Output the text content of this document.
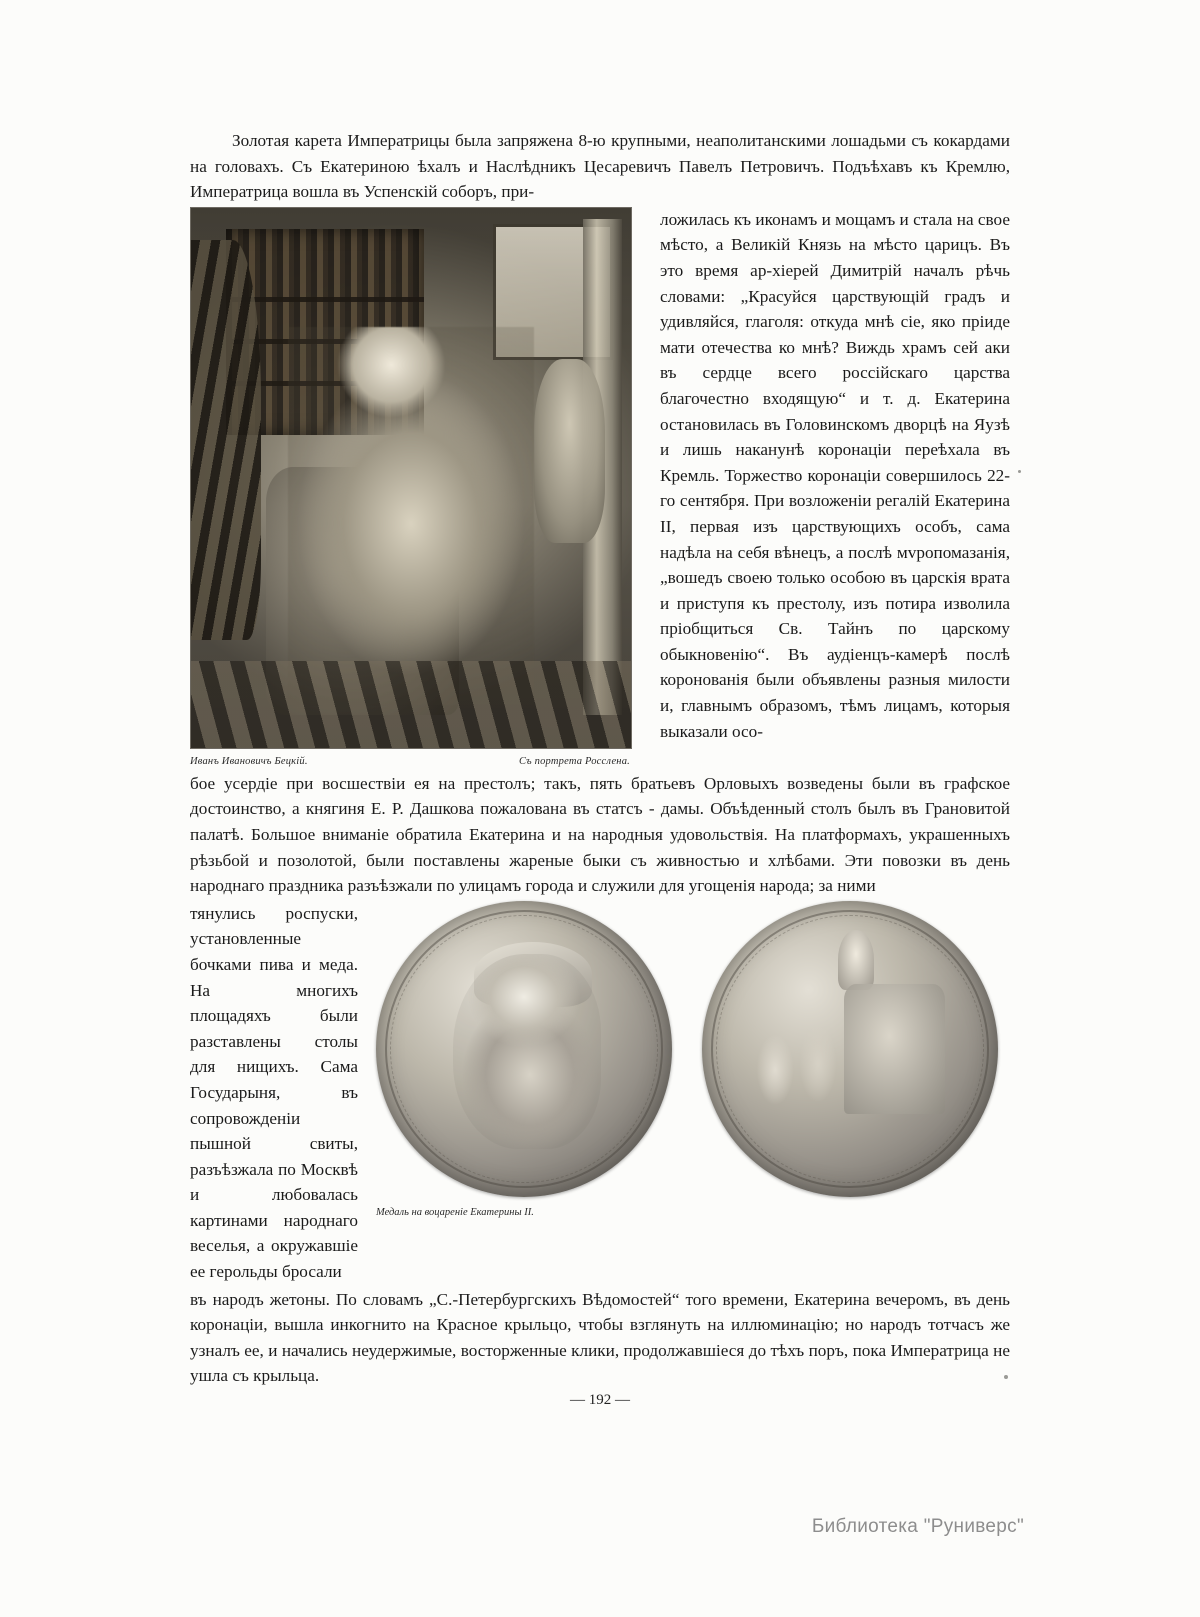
Золотая карета Императрицы была запряжена 8-ю крупными, неаполитанскими лошадьми съ кокардами на головахъ. Съ Екатериною ѣхалъ и Наслѣдникъ Цесаревичъ Павелъ Петровичъ. Подъѣхавъ къ Кремлю, Императрица вошла въ Успенскій соборъ, при-

Иванъ Ивановичъ Бецкій.	Съ портрета Росслена.

ложилась къ иконамъ и мощамъ и стала на свое мѣсто, а Великій Князь на мѣсто царицъ. Въ это время ар-хіерей Димитрій началъ рѣчь словами: „Красуйся царствующій градъ и удивляйся, глаголя: откуда мнѣ сіе, яко пріиде мати отечества ко мнѣ? Виждь храмъ сей аки въ сердце всего россійскаго царства благочестно входящую“ и т. д. Екатерина остановилась въ Головинскомъ дворцѣ на Яузѣ и лишь наканунѣ коронаціи переѣхала въ Кремль. Торжество коронаціи совершилось 22-го сентября. При возложеніи регалій Екатерина II, первая изъ царствующихъ особъ, сама надѣла на себя вѣнецъ, а послѣ мvропомазанія, „вошедъ своею только особою въ царскія врата и приступя къ престолу, изъ потира изволила пріобщиться Св. Тайнъ по царскому обыкновенію“. Въ аудіенцъ-камерѣ послѣ коронованія были объявлены разныя милости и, главнымъ образомъ, тѣмъ лицамъ, которыя выказали осо-

бое усердіе при восшествіи ея на престолъ; такъ, пять братьевъ Орловыхъ возведены были въ графское достоинство, а княгиня Е. Р. Дашкова пожалована въ статсъ - дамы. Объѣденный столъ былъ въ Грановитой палатѣ. Большое вниманіе обратила Екатерина и на народныя удовольствія. На платформахъ, украшенныхъ рѣзьбой и позолотой, были поставлены жареные быки съ живностью и хлѣбами. Эти повозки въ день народнаго праздника разъѣзжали по улицамъ города и служили для угощенія народа; за ними

тянулись роспуски, установленные бочками пива и меда. На многихъ площадяхъ были разставлены столы для нищихъ. Сама Государыня, въ сопровожденіи пышной свиты, разъѣзжала по Москвѣ и любовалась картинами народнаго веселья, а окружавшіе ее герольды бросали

Медаль на воцареніе Екатерины II.

въ народъ жетоны. По словамъ „С.-Петербургскихъ Вѣдомостей“ того времени, Екатерина вечеромъ, въ день коронаціи, вышла инкогнито на Красное крыльцо, чтобы взглянуть на иллюминацію; но народъ тотчасъ же узналъ ее, и начались неудержимые, восторженные клики, продолжавшіеся до тѣхъ поръ, пока Императрица не ушла съ крыльца.

— 192 —
Библиотека "Руниверс"
